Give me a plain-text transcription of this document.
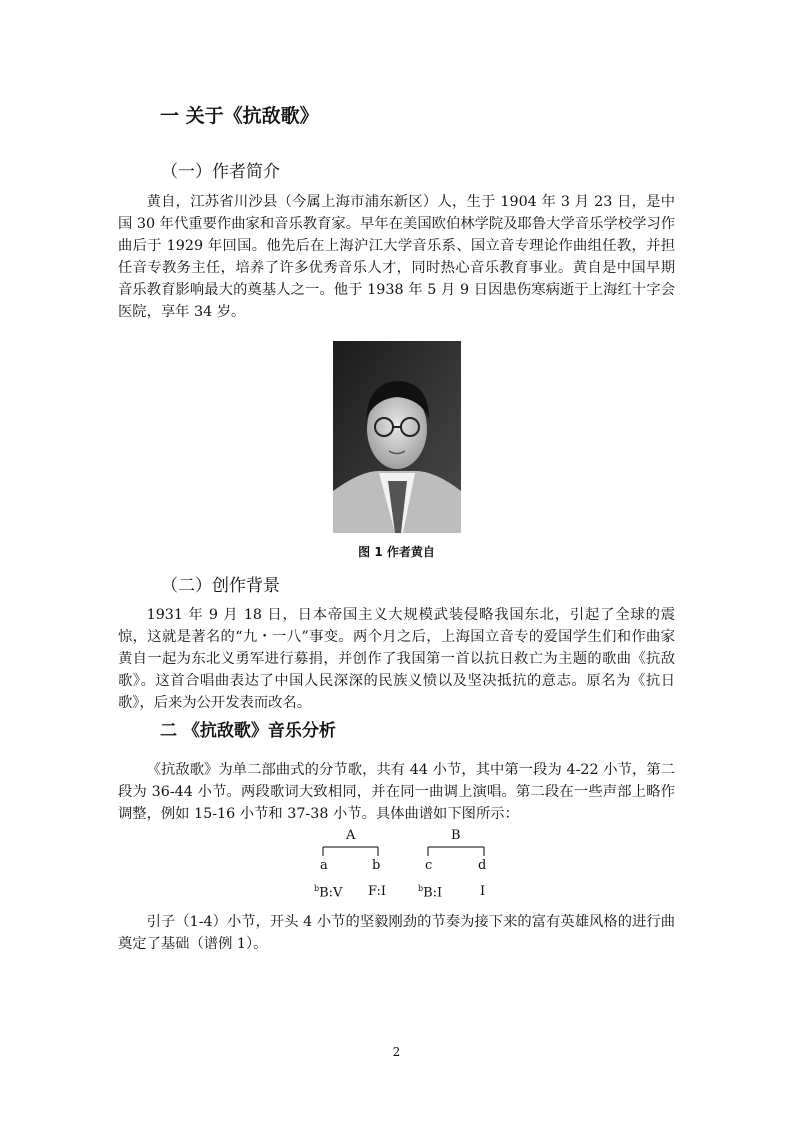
一 关于《抗敌歌》
（一）作者简介

黄自，江苏省川沙县（今属上海市浦东新区）人，生于 1904 年 3 月 23 日，是中国 30 年代重要作曲家和音乐教育家。早年在美国欧伯林学院及耶鲁大学音乐学校学习作曲后于 1929 年回国。他先后在上海沪江大学音乐系、国立音专理论作曲组任教，并担任音专教务主任，培养了许多优秀音乐人才，同时热心音乐教育事业。黄自是中国早期音乐教育影响最大的奠基人之一。他于 1938 年 5 月 9 日因患伤寒病逝于上海红十字会医院，享年 34 岁。

图 1 作者黄自
（二）创作背景

1931 年 9 月 18 日，日本帝国主义大规模武装侵略我国东北，引起了全球的震惊，这就是著名的“九・一八”事变。两个月之后，上海国立音专的爱国学生们和作曲家黄自一起为东北义勇军进行募捐，并创作了我国第一首以抗日救亡为主题的歌曲《抗敌歌》。这首合唱曲表达了中国人民深深的民族义愤以及坚决抵抗的意志。原名为《抗日歌》，后来为公开发表而改名。

二 《抗敌歌》音乐分析

《抗敌歌》为单二部曲式的分节歌，共有 44 小节，其中第一段为 4-22 小节，第二段为 36-44 小节。两段歌词大致相同，并在同一曲调上演唱。第二段在一些声部上略作调整，例如 15-16 小节和 37-38 小节。具体曲谱如下图所示：

A	B
a	b	c	d
$^b$B:V F:I	$^b$B:I	I

引子（1-4）小节，开头 4 小节的坚毅刚劲的节奏为接下来的富有英雄风格的进行曲奠定了基础（谱例 1）。

2
